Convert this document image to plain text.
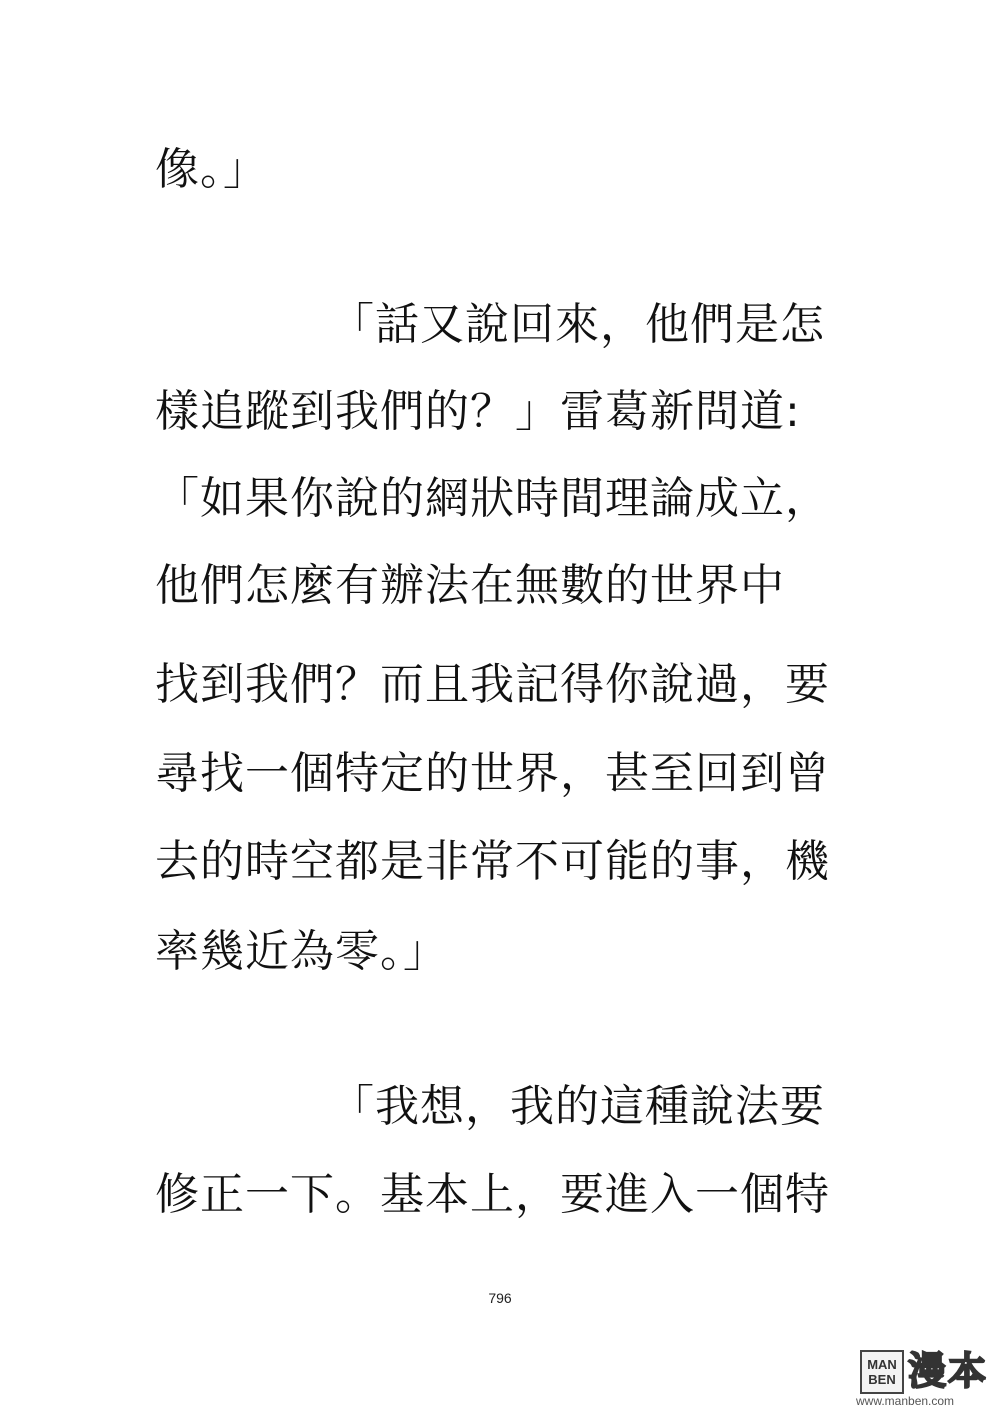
像。」
「話又說回來，他們是怎
樣追蹤到我們的？」雷葛新問道:
「如果你說的網狀時間理論成立，
他們怎麼有辦法在無數的世界中
找到我們？而且我記得你說過，要
尋找一個特定的世界，甚至回到曾
去的時空都是非常不可能的事，機
率幾近為零。」
「我想，我的這種說法要
修正一下。基本上，要進入一個特
796
MAN
BEN 漫本
www.manben.com
